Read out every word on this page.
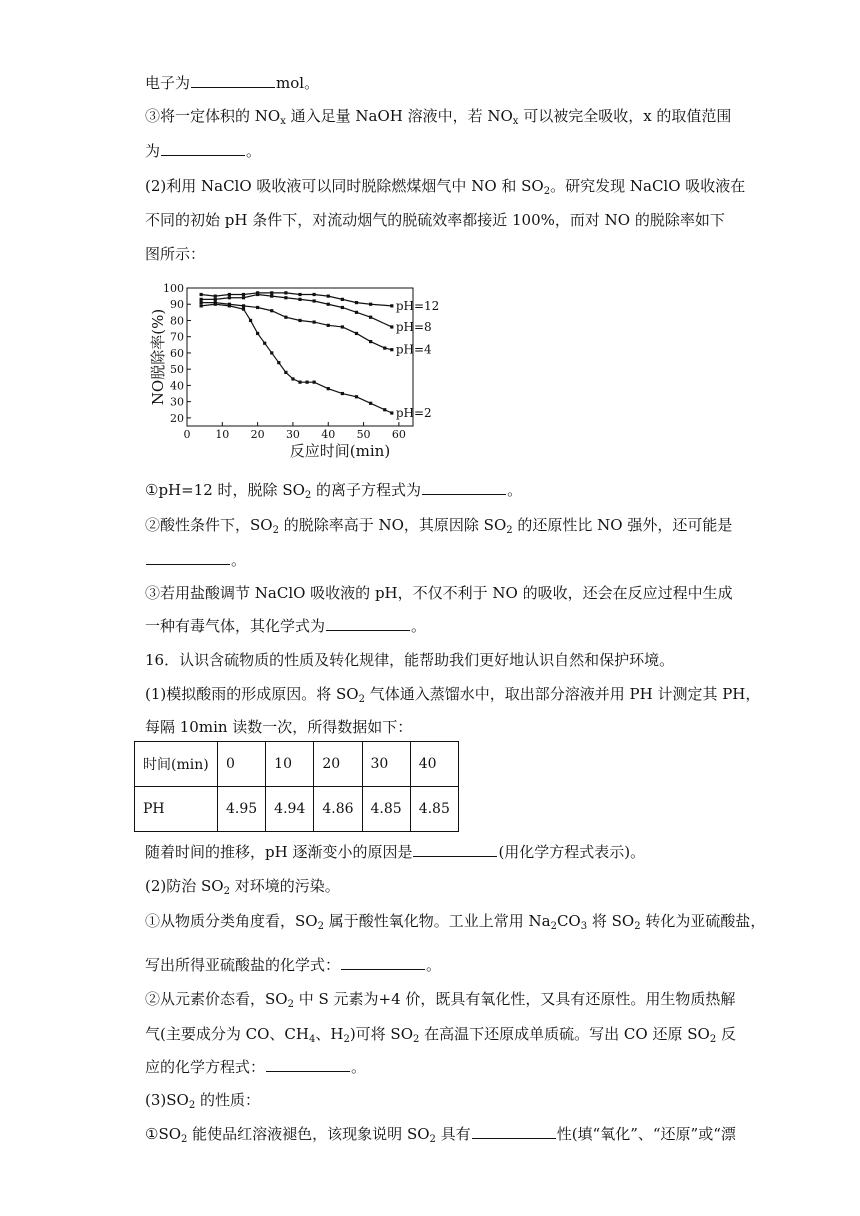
电子为	mol。
③将一定体积的 $NO_x$ 通入足量 NaOH 溶液中，若 $NO_x$ 可以被完全吸收，x 的取值范围
为	。
(2)利用 NaClO 吸收液可以同时脱除燃煤烟气中 NO 和 $SO_2$。研究发现 NaClO 吸收液在
不同的初始 pH 条件下，对流动烟气的脱硫效率都接近 100%，而对 NO 的脱除率如下
图所示：
20
30
40
50
60
70
80
90
100
0 10 20 30 40 50 60
反应时间(min)
NO脱除率(%)
pH=12
pH=8
pH=4
pH=2
①pH=12 时，脱除 $SO_2$ 的离子方程式为	。
②酸性条件下，$SO_2$ 的脱除率高于 NO，其原因除 $SO_2$ 的还原性比 NO 强外，还可能是
。
③若用盐酸调节 NaClO 吸收液的 pH，不仅不利于 NO 的吸收，还会在反应过程中生成
一种有毒气体，其化学式为	。
16．认识含硫物质的性质及转化规律，能帮助我们更好地认识自然和保护环境。
(1)模拟酸雨的形成原因。将 $SO_2$ 气体通入蒸馏水中，取出部分溶液并用 PH 计测定其 PH，
每隔 10min 读数一次，所得数据如下：
时间(min)	0	10	20	30	40
PH	4.95	4.94	4.86	4.85	4.85
随着时间的推移，pH 逐渐变小的原因是	(用化学方程式表示)。
(2)防治 $SO_2$ 对环境的污染。
①从物质分类角度看，$SO_2$ 属于酸性氧化物。工业上常用 $Na_2CO_3$ 将 $SO_2$ 转化为亚硫酸盐，
写出所得亚硫酸盐的化学式：	。
②从元素价态看，$SO_2$ 中 S 元素为+4 价，既具有氧化性，又具有还原性。用生物质热解
气(主要成分为 CO、$CH_4$、$H_2$)可将 $SO_2$ 在高温下还原成单质硫。写出 CO 还原 $SO_2$ 反
应的化学方程式：	。
$(3)SO_2$ 的性质：
$①SO_2$ 能使品红溶液褪色，该现象说明 $SO_2$ 具有	性(填“氧化”、“还原”或“漂
